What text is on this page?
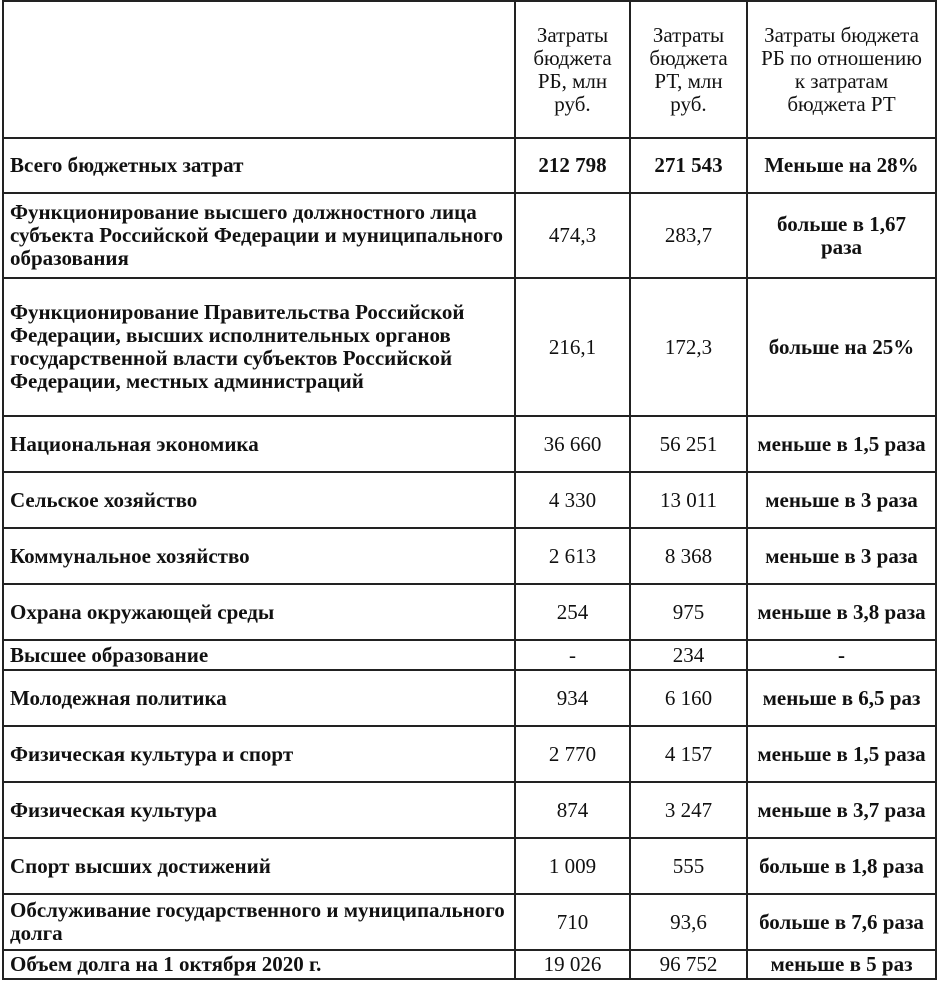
	Затраты бюджета РБ, млн руб.	Затраты бюджета РТ, млн руб.	Затраты бюджета РБ по отношению к затратам бюджета РТ
Всего бюджетных затрат	212 798	271 543	Меньше на 28%
Функционирование высшего должностного лица субъекта Российской Федерации и муниципального образования	474,3	283,7	больше в 1,67 раза
Функционирование Правительства Российской Федерации, высших исполнительных органов государственной власти субъектов Российской Федерации, местных администраций	216,1	172,3	больше на 25%
Национальная экономика	36 660	56 251	меньше в 1,5 раза
Сельское хозяйство	4 330	13 011	меньше в 3 раза
Коммунальное хозяйство	2 613	8 368	меньше в 3 раза
Охрана окружающей среды	254	975	меньше в 3,8 раза
Высшее образование	-	234	-
Молодежная политика	934	6 160	меньше в 6,5 раз
Физическая культура и спорт	2 770	4 157	меньше в 1,5 раза
Физическая культура	874	3 247	меньше в 3,7 раза
Спорт высших достижений	1 009	555	больше в 1,8 раза
Обслуживание государственного и муниципального долга	710	93,6	больше в 7,6 раза
Объем долга на 1 октября 2020 г.	19 026	96 752	меньше в 5 раз
